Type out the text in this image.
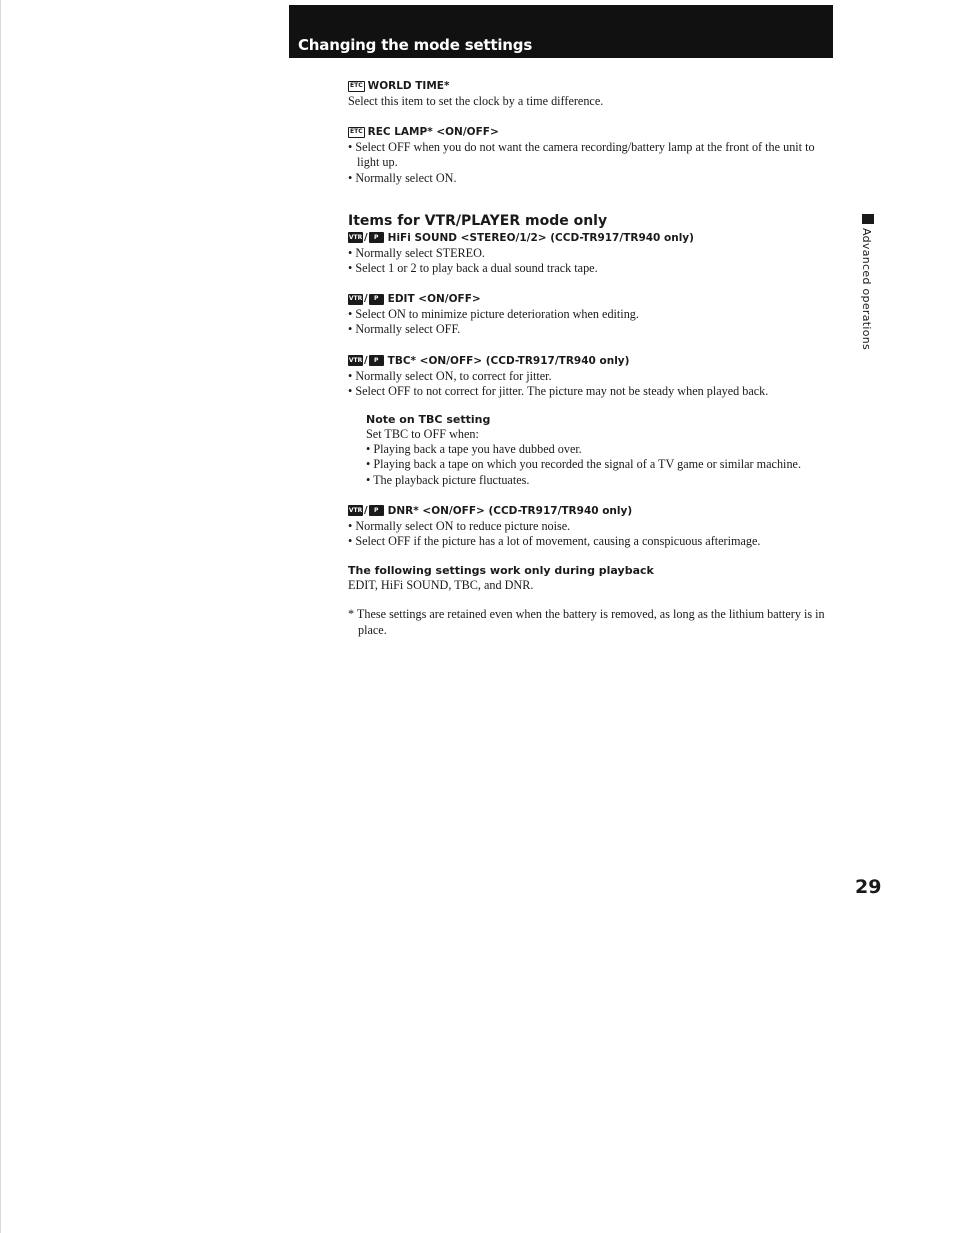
Changing the mode settings
Advanced operations
29
ETC WORLD TIME*
Select this item to set the clock by a time difference.
ETC REC LAMP* <ON/OFF>
• Select OFF when you do not want the camera recording/battery lamp at the front of the unit to light up.
• Normally select ON.
Items for VTR/PLAYER mode only
VTR /	P HiFi SOUND <STEREO/1/2> (CCD-TR917/TR940 only)
• Normally select STEREO.
• Select 1 or 2 to play back a dual sound track tape.
VTR /	P EDIT <ON/OFF>
• Select ON to minimize picture deterioration when editing.
• Normally select OFF.
VTR /	P TBC* <ON/OFF> (CCD-TR917/TR940 only)
• Normally select ON, to correct for jitter.
• Select OFF to not correct for jitter. The picture may not be steady when played back.
Note on TBC setting
Set TBC to OFF when:
• Playing back a tape you have dubbed over.
• Playing back a tape on which you recorded the signal of a TV game or similar machine.
• The playback picture fluctuates.
VTR /	P DNR* <ON/OFF> (CCD-TR917/TR940 only)
• Normally select ON to reduce picture noise.
• Select OFF if the picture has a lot of movement, causing a conspicuous afterimage.
The following settings work only during playback
EDIT, HiFi SOUND, TBC, and DNR.
* These settings are retained even when the battery is removed, as long as the lithium battery is in place.
